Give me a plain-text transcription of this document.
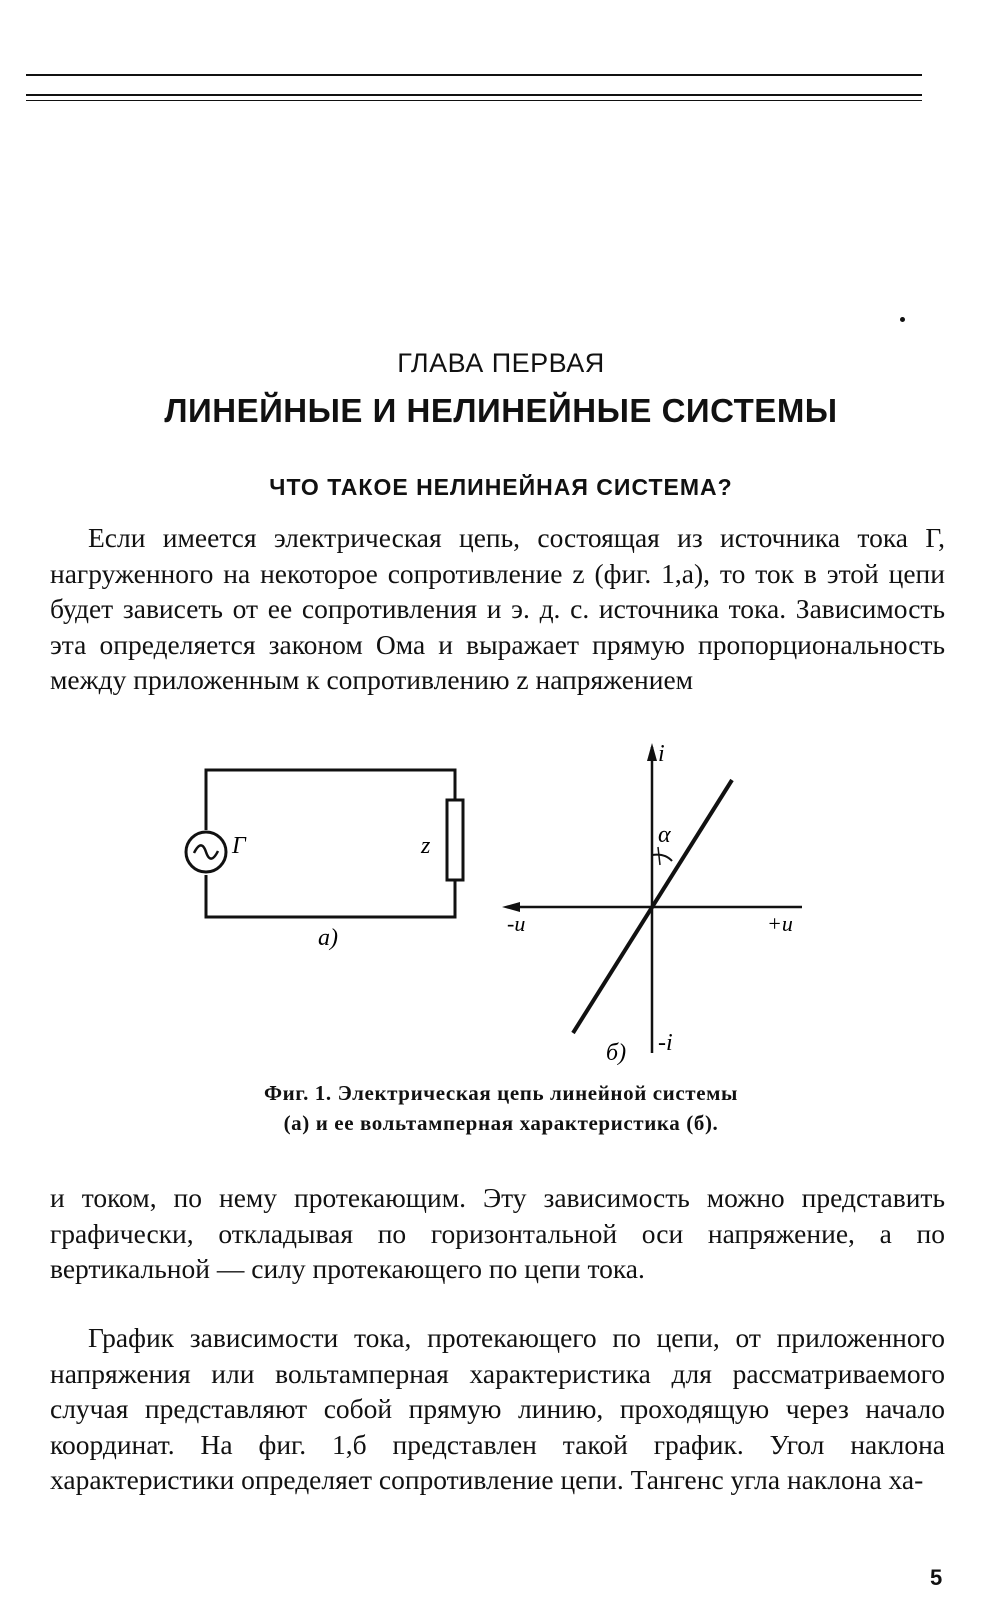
ГЛАВА ПЕРВАЯ
ЛИНЕЙНЫЕ И НЕЛИНЕЙНЫЕ СИСТЕМЫ
ЧТО ТАКОЕ НЕЛИНЕЙНАЯ СИСТЕМА?

Если имеется электрическая цепь, состоящая из источника тока Г, нагруженного на некоторое сопротивление z (фиг. 1,а), то ток в этой цепи будет зависеть от ее сопротивления и э. д. с. источника тока. Зависимость эта определяется законом Ома и выражает прямую пропорциональность между приложенным к сопротивлению z напряжением

Г	z
а)
i
-i
+u
-u
α
б)
Фиг. 1. Электрическая цепь линейной системы
(а) и ее вольтамперная характеристика (б).

и током, по нему протекающим. Эту зависимость можно представить графически, откладывая по горизонтальной оси напряжение, а по вертикальной — силу протекающего по цепи тока.

График зависимости тока, протекающего по цепи, от приложенного напряжения или вольтамперная характеристика для рассматриваемого случая представляют собой прямую линию, проходящую через начало координат. На фиг. 1,б представлен такой график. Угол наклона характеристики определяет сопротивление цепи. Тангенс угла наклона ха-

5
